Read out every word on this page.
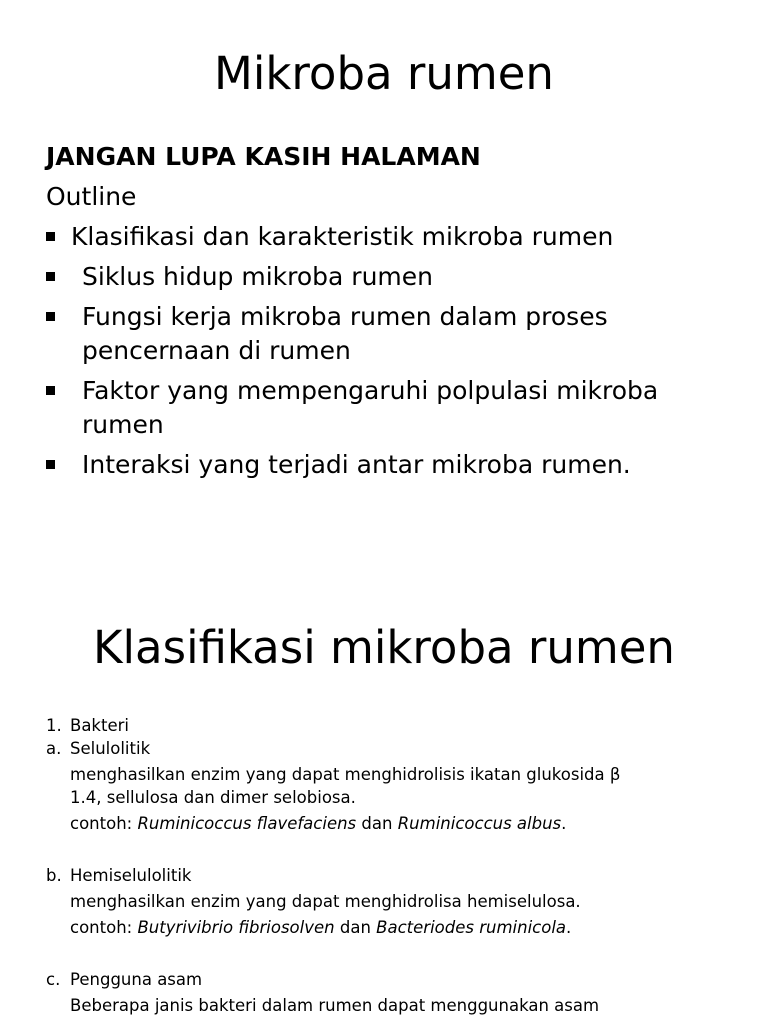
Mikroba rumen
JANGAN LUPA KASIH HALAMAN
Outline
Klasifikasi dan karakteristik mikroba rumen
Siklus hidup mikroba rumen
Fungsi kerja mikroba rumen dalam proses pencernaan di rumen
Faktor yang mempengaruhi polpulasi mikroba rumen
Interaksi yang terjadi antar mikroba rumen.
Klasifikasi mikroba rumen
1. Bakteri
a. Selulolitik
menghasilkan enzim yang dapat menghidrolisis ikatan glukosida β
1.4, sellulosa dan dimer selobiosa.
contoh: Ruminicoccus flavefaciens dan Ruminicoccus albus.
b. Hemiselulolitik
menghasilkan enzim yang dapat menghidrolisa hemiselulosa.
contoh: Butyrivibrio fibriosolven dan Bacteriodes ruminicola.
c. Pengguna asam
Beberapa janis bakteri dalam rumen dapat menggunakan asam
